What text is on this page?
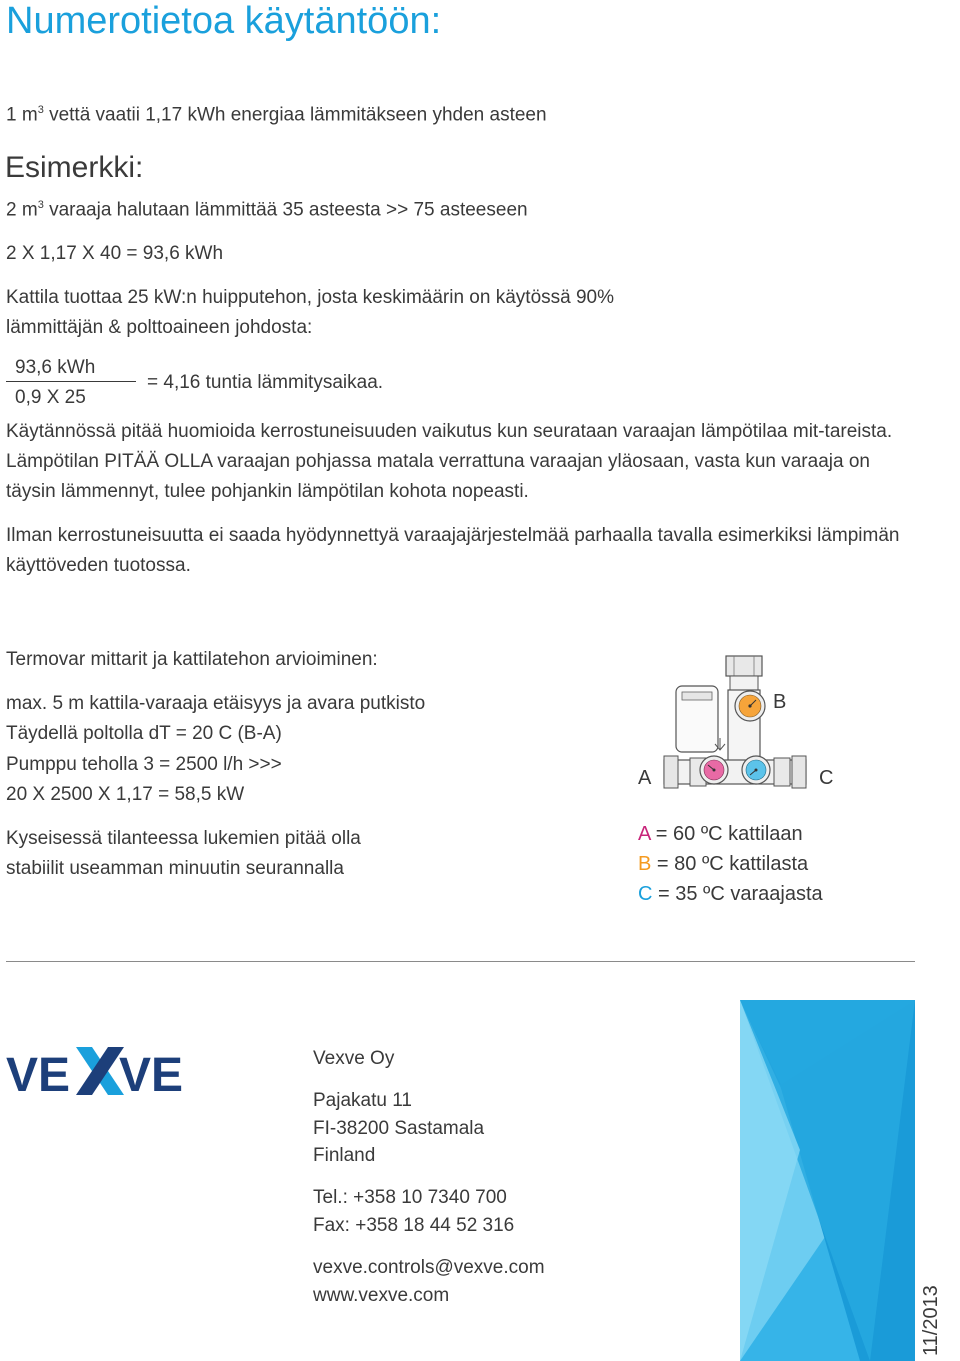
Numerotietoa käytäntöön:
1 $m^3$ vettä vaatii 1,17 kWh energiaa lämmitäkseen yhden asteen
Esimerkki:
2 $m^3$ varaaja halutaan lämmittää 35 asteesta >> 75 asteeseen
2 X 1,17 X 40 = 93,6 kWh
Kattila tuottaa 25 kW:n huipputehon, josta keskimäärin on käytössä 90%
lämmittäjän & polttoaineen johdosta:
93,6 kWh
0,9 X 25
= 4,16 tuntia lämmitysaikaa.
Käytännössä pitää huomioida kerrostuneisuuden vaikutus kun seurataan varaajan lämpötilaa mit-tareista. Lämpötilan PITÄÄ OLLA varaajan pohjassa matala verrattuna varaajan yläosaan, vasta kun varaaja on täysin lämmennyt, tulee pohjankin lämpötilan kohota nopeasti.
Ilman kerrostuneisuutta ei saada hyödynnettyä varaajajärjestelmää parhaalla tavalla esimerkiksi lämpimän käyttöveden tuotossa.
Termovar mittarit ja kattilatehon arvioiminen:
max. 5 m kattila-varaaja etäisyys ja avara putkisto
Täydellä poltolla dT = 20 C (B-A)
Pumppu teholla 3 = 2500 l/h >>>
20 X 2500 X 1,17 = 58,5 kW
Kyseisessä tilanteessa lukemien pitää olla
stabiilit useamman minuutin seurannalla
A
B
C
A = 60 ºC kattilaan
B = 80 ºC kattilasta
C = 35 ºC varaajasta
VE VE	Vexve Oy
Pajakatu 11
FI-38200 Sastamala
Finland
Tel.: +358 10 7340 700
Fax: +358 18 44 52 316
vexve.controls@vexve.com
www.vexve.com	11/2013
